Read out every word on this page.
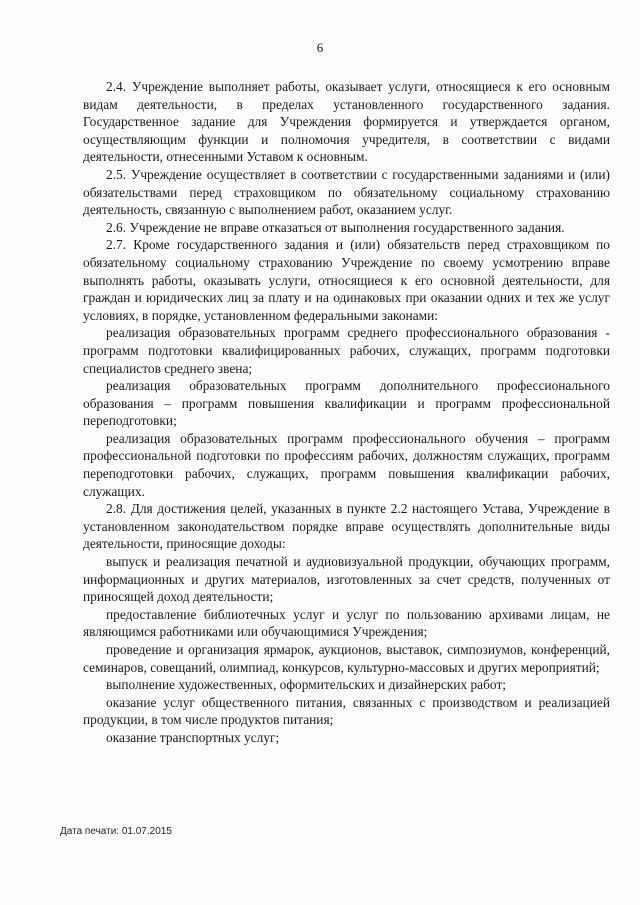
6

2.4. Учреждение выполняет работы, оказывает услуги, относящиеся к его основным видам деятельности, в пределах установленного государственного задания. Государственное задание для Учреждения формируется и утверждается органом, осуществляющим функции и полномочия учредителя, в соответствии с видами деятельности, отнесенными Уставом к основным.

2.5. Учреждение осуществляет в соответствии с государственными заданиями и (или) обязательствами перед страховщиком по обязательному социальному страхованию деятельность, связанную с выполнением работ, оказанием услуг.

2.6. Учреждение не вправе отказаться от выполнения государственного задания.

2.7. Кроме государственного задания и (или) обязательств перед страховщиком по обязательному социальному страхованию Учреждение по своему усмотрению вправе выполнять работы, оказывать услуги, относящиеся к его основной деятельности, для граждан и юридических лиц за плату и на одинаковых при оказании одних и тех же услуг условиях, в порядке, установленном федеральными законами:

реализация образовательных программ среднего профессионального образования - программ подготовки квалифицированных рабочих, служащих, программ подготовки специалистов среднего звена;

реализация образовательных программ дополнительного профессионального образования – программ повышения квалификации и программ профессиональной переподготовки;

реализация образовательных программ профессионального обучения – программ профессиональной подготовки по профессиям рабочих, должностям служащих, программ переподготовки рабочих, служащих, программ повышения квалификации рабочих, служащих.

2.8. Для достижения целей, указанных в пункте 2.2 настоящего Устава, Учреждение в установленном законодательством порядке вправе осуществлять дополнительные виды деятельности, приносящие доходы:

выпуск и реализация печатной и аудиовизуальной продукции, обучающих программ, информационных и других материалов, изготовленных за счет средств, полученных от приносящей доход деятельности;

предоставление библиотечных услуг и услуг по пользованию архивами лицам, не являющимся работниками или обучающимися Учреждения;

проведение и организация ярмарок, аукционов, выставок, симпозиумов, конференций, семинаров, совещаний, олимпиад, конкурсов, культурно-массовых и других мероприятий;

выполнение художественных, оформительских и дизайнерских работ;

оказание услуг общественного питания, связанных с производством и реализацией продукции, в том числе продуктов питания;

оказание транспортных услуг;

Дата печати: 01.07.2015
